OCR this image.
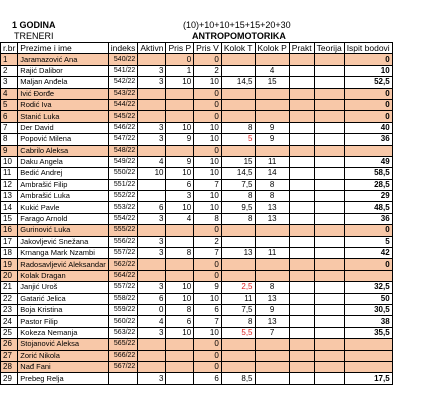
1 GODINA	(10)+10+10+15+15+20+30
TRENERI	ANTROPOMOTORIKA
r.br	Prezime i ime	indeks	Aktivn	Pris P	Pris V	Kolok T	Kolok P	Prakt	Teorija	Ispit bodovi
1	Jaramazović Ana	540/22		0	0					0
2	Rajić Dalibor	541/22	3	1	2		4			10
3	Maljan Anđela	542/22	3	10	10	14,5	15			52,5
4	Ivić Đorđe	543/22			0					0
5	Rodić Iva	544/22			0					0
6	Stanić Luka	545/22			0					0
7	Der David	546/22	3	10	10	8	9			40
8	Popović Milena	547/22	3	9	10	5	9			36
9	Cabrilo Aleksa	548/22			0					
10	Daku Angela	549/22	4	9	10	15	11			49
11	Bedić Andrej	550/22	10	10	10	14,5	14			58,5
12	Ambrašić Filip	551/22		6	7	7,5	8			28,5
13	Ambrašić Luka	552/22		3	10	8	8			29
14	Kukić Pavle	553/22	6	10	10	9,5	13			48,5
15	Farago Arnold	554/22	3	4	8	8	13			36
16	Gurinović Luka	555/22			0					0
17	Jakovljević Snežana	556/22	3		2					5
18	Krnanga Mark Nzambi	557/22	3	8	7	13	11			42
19	Radosavljević Aleksandar	562/22			0					0
20	Kolak Dragan	564/22			0					
21	Janjić Uroš	557/22	3	10	9	2,5	8			32,5
22	Gatarić Jelica	558/22	6	10	10	11	13			50
23	Boja Kristina	559/22	0	8	6	7,5	9			30,5
24	Pastor Filip	560/22	4	6	7	8	13			38
25	Kokeza Nemanja	563/22	3	10	10	5,5	7			35,5
26	Stojanović Aleksa	565/22			0					
27	Zorić Nikola	566/22			0					
28	Nađ Fani	567/22			0					
29	Prebeg Relja		3		6	8,5				17,5
